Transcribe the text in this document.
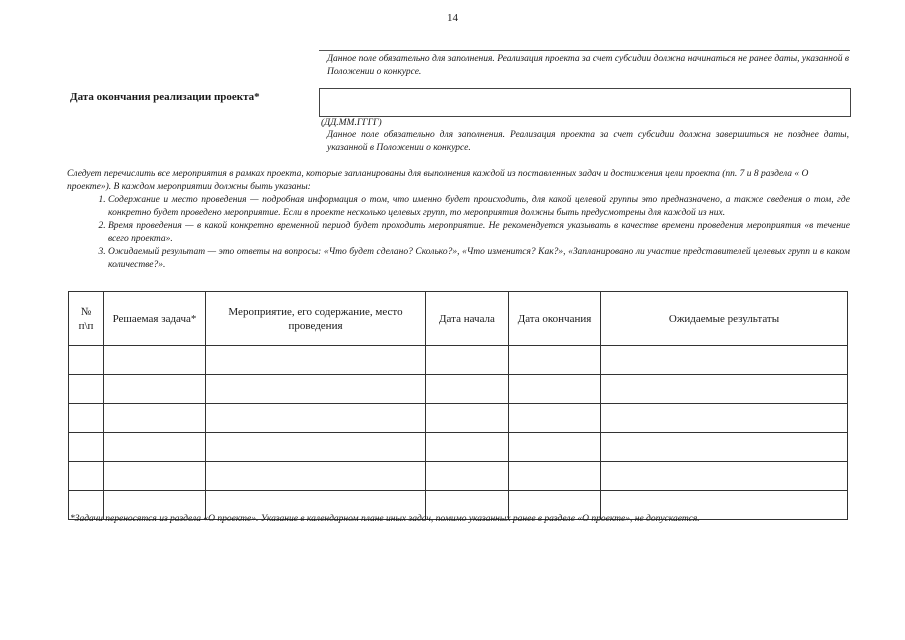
14
Данное поле обязательно для заполнения. Реализация проекта за счет субсидии должна начинаться не ранее даты, указанной в Положении о конкурсе.
Дата окончания реализации проекта*
(ДД.ММ.ГГГГ)
Данное поле обязательно для заполнения. Реализация проекта за счет субсидии должна завершиться не позднее даты, указанной в Положении о конкурсе.
Следует перечислить все мероприятия в рамках проекта, которые запланированы для выполнения каждой из поставленных задач и достижения цели проекта (пп. 7 и 8 раздела « О проекте»). В каждом мероприятии должны быть указаны:
1. Содержание и место проведения — подробная информация о том, что именно будет происходить, для какой целевой группы это предназначено, а также сведения о том, где конкретно будет проведено мероприятие. Если в проекте несколько целевых групп, то мероприятия должны быть предусмотрены для каждой из них.
2. Время проведения — в какой конкретно временной период будет проходить мероприятие. Не рекомендуется указывать в качестве времени проведения мероприятия «в течение всего проекта».
3. Ожидаемый результат — это ответы на вопросы: «Что будет сделано? Сколько?», «Что изменится? Как?», «Запланировано ли участие представителей целевых групп и в каком количестве?».
№ п\п	Решаемая задача*	Мероприятие, его содержание, место проведения	Дата начала	Дата окончания	Ожидаемые результаты

*Задачи переносятся из раздела «О проекте». Указание в календарном плане иных задач, помимо указанных ранее в разделе «О проекте», не допускается.
